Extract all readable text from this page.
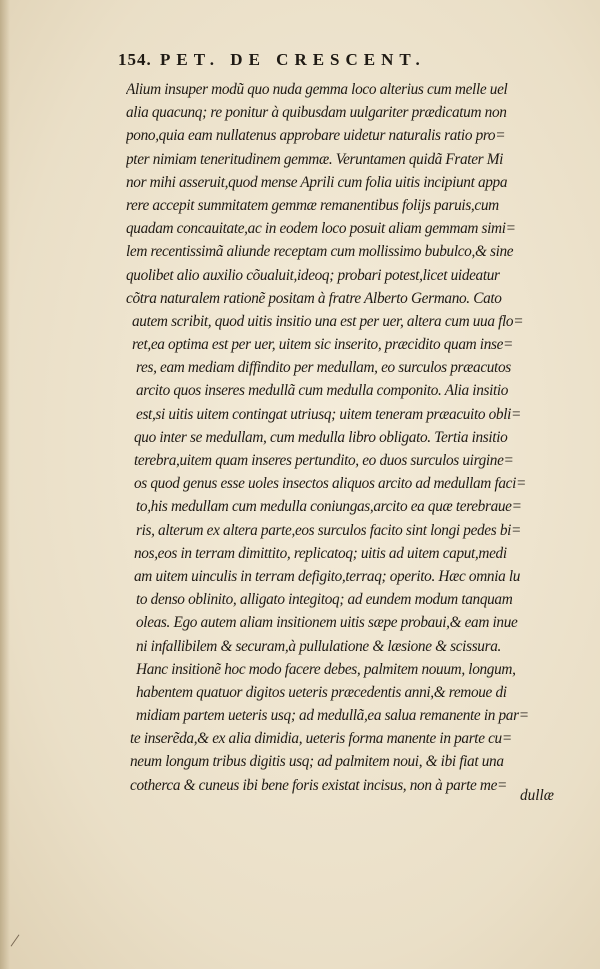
154. PET. DE CRESCENT.
Alium insuper modũ quo nuda gemma loco alterius cum melle uel
alia quacunq; re ponitur à quibusdam uulgariter prædicatum non
pono,quia eam nullatenus approbare uidetur naturalis ratio pro=
pter nimiam teneritudinem gemmæ. Veruntamen quidã Frater Mi
nor mihi asseruit,quod mense Aprili cum folia uitis incipiunt appa
rere accepit summitatem gemmæ remanentibus folijs paruis,cum
quadam concauitate,ac in eodem loco posuit aliam gemmam simi=
lem recentissimã aliunde receptam cum mollissimo bubulco,& sine
quolibet alio auxilio cõualuit,ideoq; probari potest,licet uideatur
cõtra naturalem rationẽ positam à fratre Alberto Germano. Cato
autem scribit, quod uitis insitio una est per uer, altera cum uua flo=
ret,ea optima est per uer, uitem sic inserito, præcidito quam inse=
res, eam mediam diffindito per medullam, eo surculos præacutos
arcito quos inseres medullã cum medulla componito. Alia insitio
est,si uitis uitem contingat utriusq; uitem teneram præacuito obli=
quo inter se medullam, cum medulla libro obligato. Tertia insitio
terebra,uitem quam inseres pertundito, eo duos surculos uirgine=
os quod genus esse uoles insectos aliquos arcito ad medullam faci=
to,his medullam cum medulla coniungas,arcito ea quæ terebraue=
ris, alterum ex altera parte,eos surculos facito sint longi pedes bi=
nos,eos in terram dimittito, replicatoq; uitis ad uitem caput,medi
am uitem uinculis in terram defigito,terraq; operito. Hæc omnia lu
to denso oblinito, alligato integitoq; ad eundem modum tanquam
oleas. Ego autem aliam insitionem uitis sæpe probaui,& eam inue
ni infallibilem & securam,à pullulatione & læsione & scissura.
Hanc insitionẽ hoc modo facere debes, palmitem nouum, longum,
habentem quatuor digitos ueteris præcedentis anni,& remoue di
midiam partem ueteris usq; ad medullã,ea salua remanente in par=
te inserẽda,& ex alia dimidia, ueteris forma manente in parte cu=
neum longum tribus digitis usq; ad palmitem noui, & ibi fiat una
cotherca & cuneus ibi bene foris existat incisus, non à parte me=
dullæ
